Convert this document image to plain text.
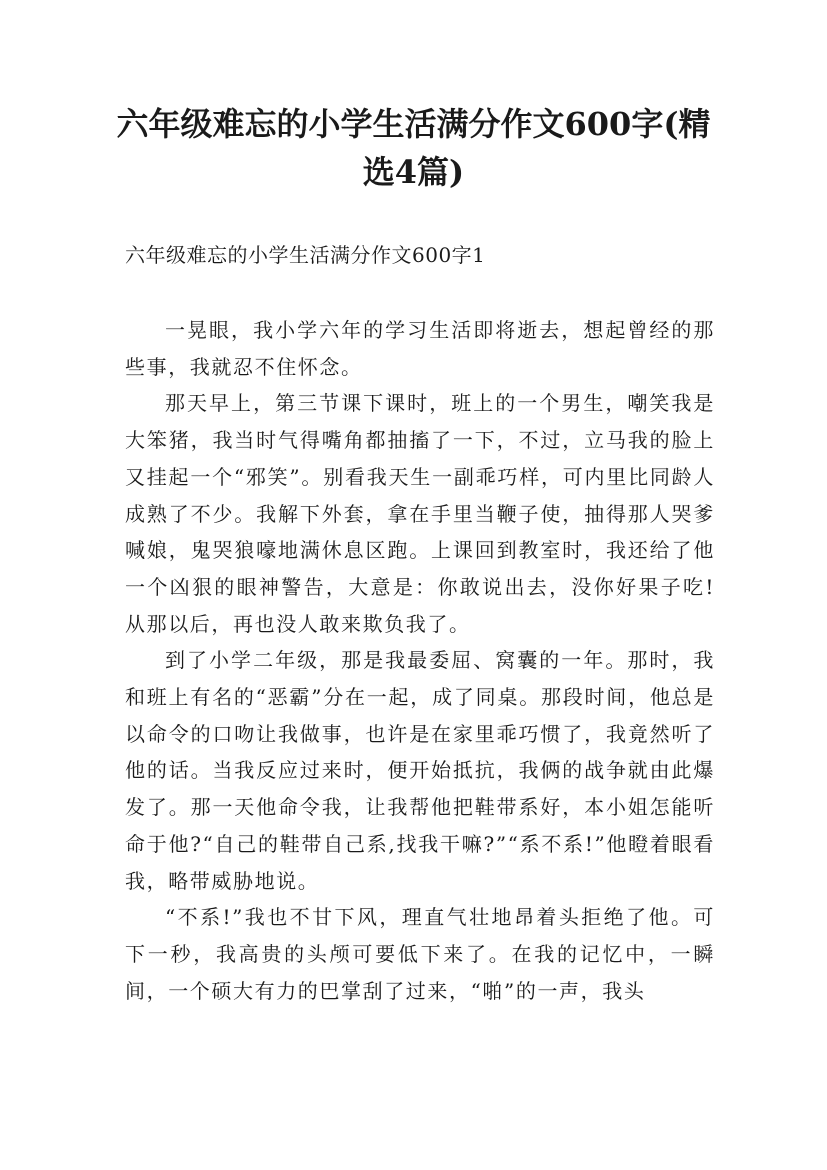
六年级难忘的小学生活满分作文600字(精
选4篇)
六年级难忘的小学生活满分作文600字1

一晃眼，我小学六年的学习生活即将逝去，想起曾经的那些事，我就忍不住怀念。

那天早上，第三节课下课时，班上的一个男生，嘲笑我是大笨猪，我当时气得嘴角都抽搐了一下，不过，立马我的脸上又挂起一个“邪笑”。别看我天生一副乖巧样，可内里比同龄人成熟了不少。我解下外套，拿在手里当鞭子使，抽得那人哭爹喊娘，鬼哭狼嚎地满休息区跑。上课回到教室时，我还给了他一个凶狠的眼神警告，大意是：你敢说出去，没你好果子吃!从那以后，再也没人敢来欺负我了。

到了小学二年级，那是我最委屈、窝囊的一年。那时，我和班上有名的“恶霸”分在一起，成了同桌。那段时间，他总是以命令的口吻让我做事，也许是在家里乖巧惯了，我竟然听了他的话。当我反应过来时，便开始抵抗，我俩的战争就由此爆发了。那一天他命令我，让我帮他把鞋带系好，本小姐怎能听命于他?“自己的鞋带自己系,找我干嘛?”“系不系!”他瞪着眼看我，略带威胁地说。

“不系!”我也不甘下风，理直气壮地昂着头拒绝了他。可下一秒，我高贵的头颅可要低下来了。在我的记忆中，一瞬间，一个硕大有力的巴掌刮了过来，“啪”的一声，我头
